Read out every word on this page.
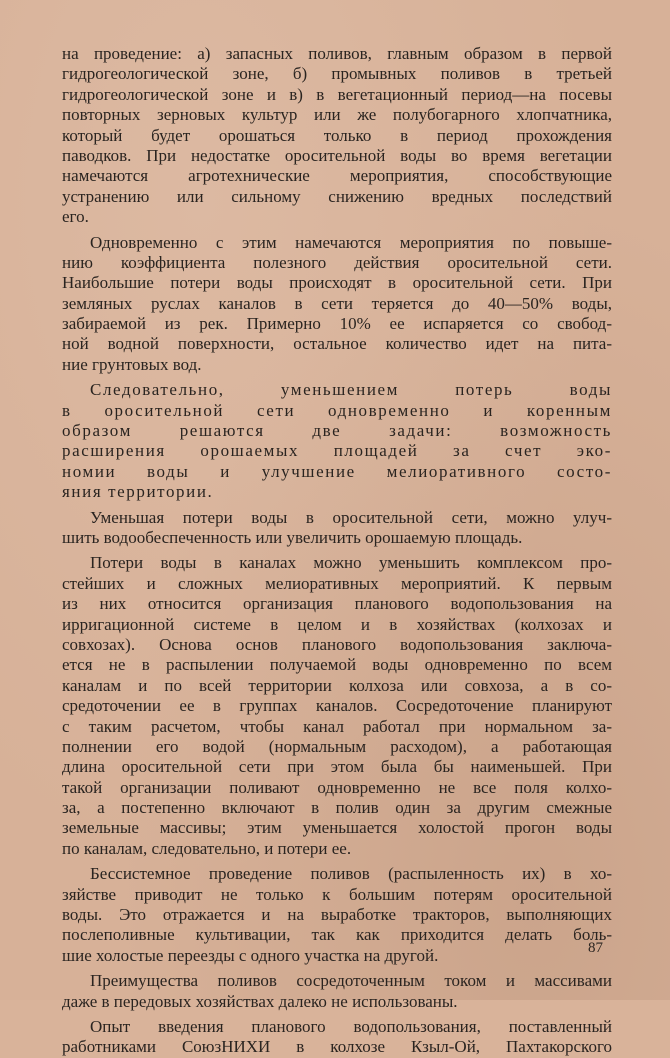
на проведение: а) запасных поливов, главным образом в первой
гидрогеологической зоне, б) промывных поливов в третьей
гидрогеологической зоне и в) в вегетационный период—на посевы
повторных зерновых культур или же полубогарного хлопчатника,
который будет орошаться только в период прохождения
паводков. При недостатке оросительной воды во время вегетации
намечаются агротехнические мероприятия, способствующие
устранению или сильному снижению вредных последствий
его.
Одновременно с этим намечаются мероприятия по повыше-
нию коэффициента полезного действия оросительной сети.
Наибольшие потери воды происходят в оросительной сети. При
земляных руслах каналов в сети теряется до 40—50% воды,
забираемой из рек. Примерно 10% ее испаряется со свобод-
ной водной поверхности, остальное количество идет на пита-
ние грунтовых вод.
Следовательно, уменьшением потерь воды
в оросительной сети одновременно и коренным
образом решаются две задачи: возможность
расширения орошаемых площадей за счет эко-
номии воды и улучшение мелиоративного состо-
яния территории.
Уменьшая потери воды в оросительной сети, можно улуч-
шить водообеспеченность или увеличить орошаемую площадь.
Потери воды в каналах можно уменьшить комплексом про-
стейших и сложных мелиоративных мероприятий. К первым
из них относится организация планового водопользования на
ирригационной системе в целом и в хозяйствах (колхозах и
совхозах). Основа основ планового водопользования заключа-
ется не в распылении получаемой воды одновременно по всем
каналам и по всей территории колхоза или совхоза, а в со-
средоточении ее в группах каналов. Сосредоточение планируют
с таким расчетом, чтобы канал работал при нормальном за-
полнении его водой (нормальным расходом), а работающая
длина оросительной сети при этом была бы наименьшей. При
такой организации поливают одновременно не все поля колхо-
за, а постепенно включают в полив один за другим смежные
земельные массивы; этим уменьшается холостой прогон воды
по каналам, следовательно, и потери ее.
Бессистемное проведение поливов (распыленность их) в хо-
зяйстве приводит не только к большим потерям оросительной
воды. Это отражается и на выработке тракторов, выполняющих
послеполивные культивации, так как приходится делать боль-
шие холостые переезды с одного участка на другой.
Преимущества поливов сосредоточенным током и массивами
даже в передовых хозяйствах далеко не использованы.
Опыт введения планового водопользования, поставленный
работниками СоюзНИХИ в колхозе Кзыл-Ой, Пахтакорского
87
